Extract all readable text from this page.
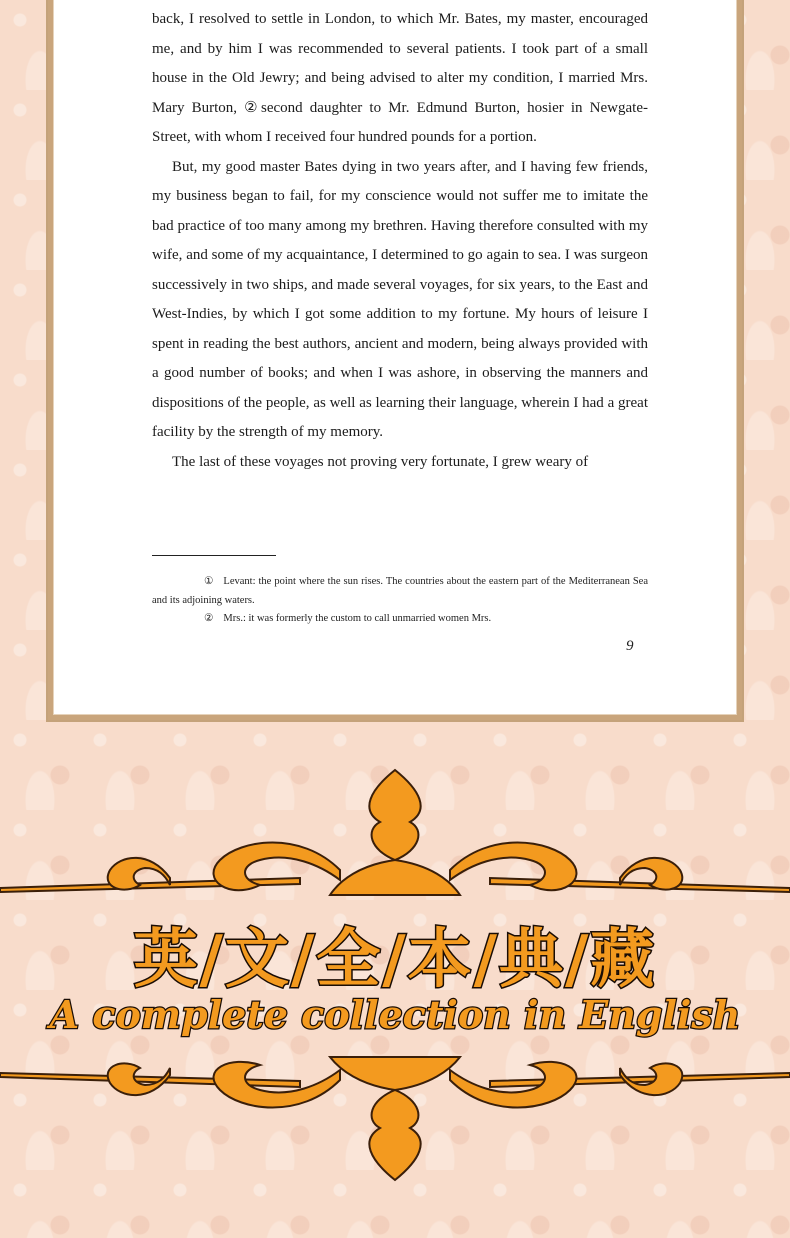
back, I resolved to settle in London, to which Mr. Bates, my master, encouraged me, and by him I was recommended to several patients. I took part of a small house in the Old Jewry; and being advised to alter my condition, I married Mrs. Mary Burton, ②second daughter to Mr. Edmund Burton, hosier in Newgate-Street, with whom I received four hundred pounds for a portion.

But, my good master Bates dying in two years after, and I having few friends, my business began to fail, for my conscience would not suffer me to imitate the bad practice of too many among my brethren. Having therefore consulted with my wife, and some of my acquaintance, I determined to go again to sea. I was surgeon successively in two ships, and made several voyages, for six years, to the East and West-Indies, by which I got some addition to my fortune. My hours of leisure I spent in reading the best authors, ancient and modern, being always provided with a good number of books; and when I was ashore, in observing the manners and dispositions of the people, as well as learning their language, wherein I had a great facility by the strength of my memory.

The last of these voyages not proving very fortunate, I grew weary of

① Levant: the point where the sun rises. The countries about the eastern part of the Mediterranean Sea and its adjoining waters.

② Mrs.: it was formerly the custom to call unmarried women Mrs.

9
英/文/全/本/典/藏
A complete collection in English
